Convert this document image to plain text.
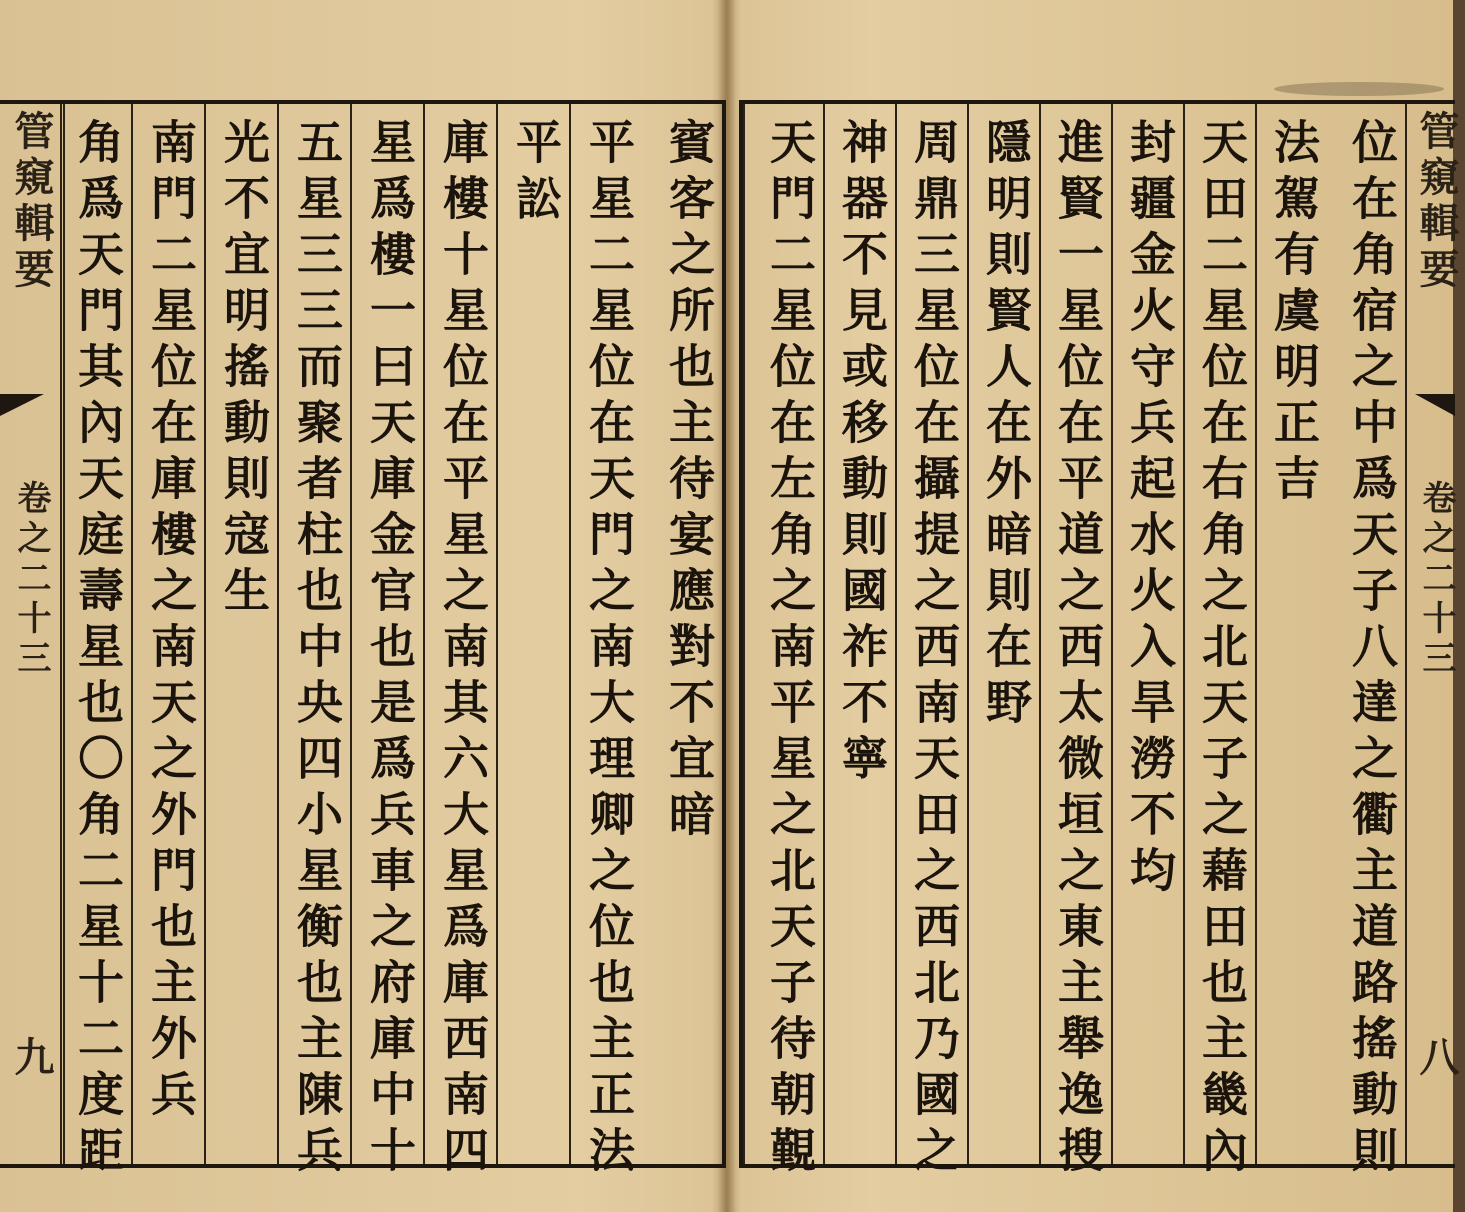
賓客之所也主待宴應對不宜暗
平星二星位在天門之南大理卿之位也主正法
平訟
庫樓十星位在平星之南其六大星爲庫西南四
星爲樓一曰天庫金官也是爲兵車之府庫中十
五星三三而聚者柱也中央四小星衡也主陳兵
光不宜明搖動則寇生
南門二星位在庫樓之南天之外門也主外兵
角爲天門其內天庭壽星也〇角二星十二度距
管窺輯要  卷之二十三  九	位在角宿之中爲天子八達之衢主道路搖動則
法駕有虞明正吉
天田二星位在右角之北天子之藉田也主畿內
封疆金火守兵起水火入旱澇不均
進賢一星位在平道之西太微垣之東主舉逸搜
隱明則賢人在外暗則在野
周鼎三星位在攝提之西南天田之西北乃國之
神器不見或移動則國祚不寧
天門二星位在左角之南平星之北天子待朝覲	管窺輯要  卷之二十三  八
